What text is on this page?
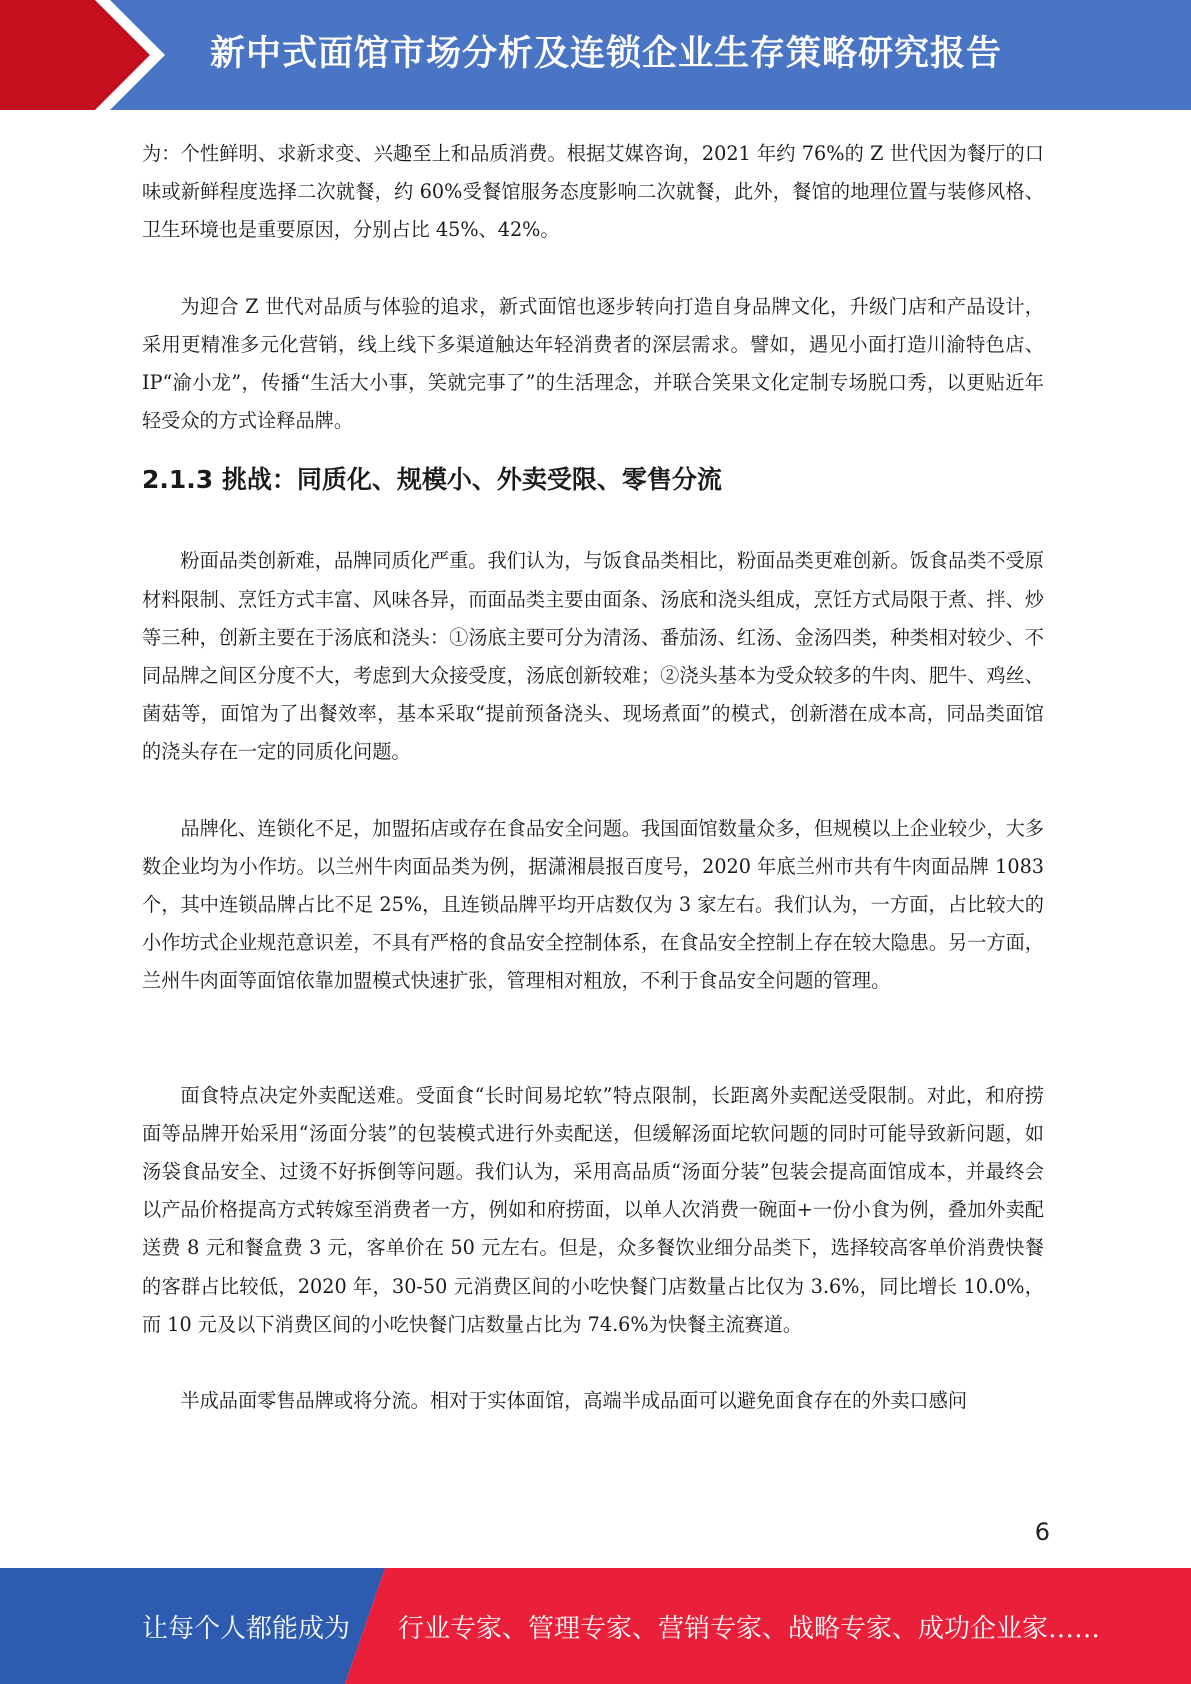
新中式面馆市场分析及连锁企业生存策略研究报告

为：个性鲜明、求新求变、兴趣至上和品质消费。根据艾媒咨询，2021 年约 76%的 Z 世代因为餐厅的口味或新鲜程度选择二次就餐，约 60%受餐馆服务态度影响二次就餐，此外，餐馆的地理位置与装修风格、卫生环境也是重要原因，分别占比 45%、42%。

为迎合 Z 世代对品质与体验的追求，新式面馆也逐步转向打造自身品牌文化，升级门店和产品设计，采用更精准多元化营销，线上线下多渠道触达年轻消费者的深层需求。譬如，遇见小面打造川渝特色店、IP“渝小龙”，传播“生活大小事，笑就完事了”的生活理念，并联合笑果文化定制专场脱口秀，以更贴近年轻受众的方式诠释品牌。

2.1.3 挑战：同质化、规模小、外卖受限、零售分流

粉面品类创新难，品牌同质化严重。我们认为，与饭食品类相比，粉面品类更难创新。饭食品类不受原材料限制、烹饪方式丰富、风味各异，而面品类主要由面条、汤底和浇头组成，烹饪方式局限于煮、拌、炒等三种，创新主要在于汤底和浇头：①汤底主要可分为清汤、番茄汤、红汤、金汤四类，种类相对较少、不同品牌之间区分度不大，考虑到大众接受度，汤底创新较难；②浇头基本为受众较多的牛肉、肥牛、鸡丝、菌菇等，面馆为了出餐效率，基本采取“提前预备浇头、现场煮面”的模式，创新潜在成本高，同品类面馆的浇头存在一定的同质化问题。

品牌化、连锁化不足，加盟拓店或存在食品安全问题。我国面馆数量众多，但规模以上企业较少，大多数企业均为小作坊。以兰州牛肉面品类为例，据潇湘晨报百度号，2020 年底兰州市共有牛肉面品牌 1083 个，其中连锁品牌占比不足 25%，且连锁品牌平均开店数仅为 3 家左右。我们认为，一方面，占比较大的小作坊式企业规范意识差，不具有严格的食品安全控制体系，在食品安全控制上存在较大隐患。另一方面，兰州牛肉面等面馆依靠加盟模式快速扩张，管理相对粗放，不利于食品安全问题的管理。

面食特点决定外卖配送难。受面食“长时间易坨软”特点限制，长距离外卖配送受限制。对此，和府捞面等品牌开始采用“汤面分装”的包装模式进行外卖配送，但缓解汤面坨软问题的同时可能导致新问题，如汤袋食品安全、过烫不好拆倒等问题。我们认为，采用高品质“汤面分装”包装会提高面馆成本，并最终会以产品价格提高方式转嫁至消费者一方，例如和府捞面，以单人次消费一碗面+一份小食为例，叠加外卖配送费 8 元和餐盒费 3 元，客单价在 50 元左右。但是，众多餐饮业细分品类下，选择较高客单价消费快餐的客群占比较低，2020 年，30-50 元消费区间的小吃快餐门店数量占比仅为 3.6%，同比增长 10.0%，而 10 元及以下消费区间的小吃快餐门店数量占比为 74.6%为快餐主流赛道。

半成品面零售品牌或将分流。相对于实体面馆，高端半成品面可以避免面食存在的外卖口感问

6
让每个人都能成为 行业专家、管理专家、营销专家、战略专家、成功企业家……
